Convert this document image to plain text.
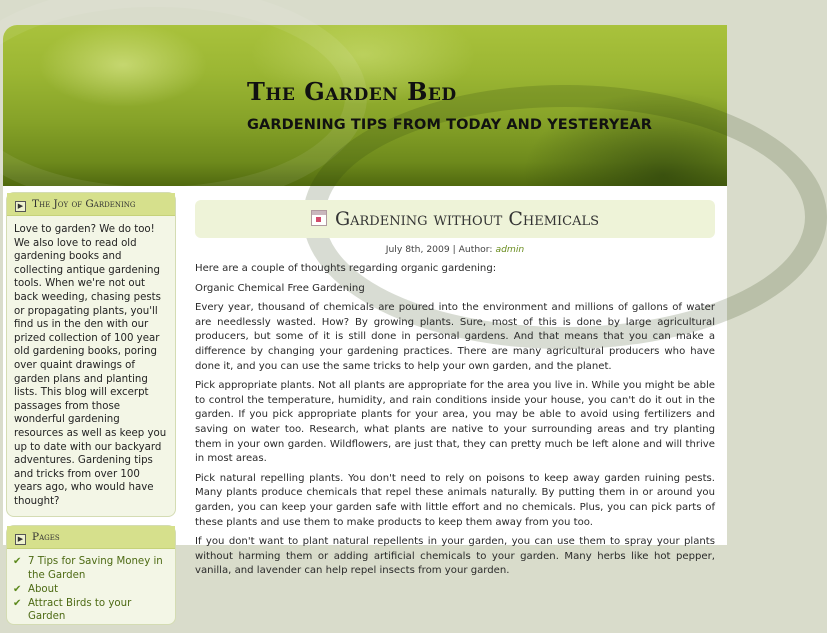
The Garden Bed
GARDENING TIPS FROM TODAY AND YESTERYEAR
▶ The Joy of Gardening
Love to garden? We do too! We also love to read old gardening books and collecting antique gardening tools. When we're not out back weeding, chasing pests or propagating plants, you'll find us in the den with our prized collection of 100 year old gardening books, poring over quaint drawings of garden plans and planting lists. This blog will excerpt passages from those wonderful gardening resources as well as keep you up to date with our backyard adventures. Gardening tips and tricks from over 100 years ago, who would have thought?
▶ Pages
✔ 7 Tips for Saving Money in the Garden
✔ About
✔ Attract Birds to your Garden
Gardening without Chemicals
July 8th, 2009 | Author: admin

Here are a couple of thoughts regarding organic gardening:

Organic Chemical Free Gardening

Every year, thousand of chemicals are poured into the environment and millions of gallons of water are needlessly wasted. How? By growing plants. Sure, most of this is done by large agricultural producers, but some of it is still done in personal gardens. And that means that you can make a difference by changing your gardening practices. There are many agricultural producers who have done it, and you can use the same tricks to help your own garden, and the planet.

Pick appropriate plants. Not all plants are appropriate for the area you live in. While you might be able to control the temperature, humidity, and rain conditions inside your house, you can't do it out in the garden. If you pick appropriate plants for your area, you may be able to avoid using fertilizers and saving on water too. Research, what plants are native to your surrounding areas and try planting them in your own garden. Wildflowers, are just that, they can pretty much be left alone and will thrive in most areas.

Pick natural repelling plants. You don't need to rely on poisons to keep away garden ruining pests. Many plants produce chemicals that repel these animals naturally. By putting them in or around you garden, you can keep your garden safe with little effort and no chemicals. Plus, you can pick parts of these plants and use them to make products to keep them away from you too.

If you don't want to plant natural repellents in your garden, you can use them to spray your plants without harming them or adding artificial chemicals to your garden. Many herbs like hot pepper, vanilla, and lavender can help repel insects from your garden.
